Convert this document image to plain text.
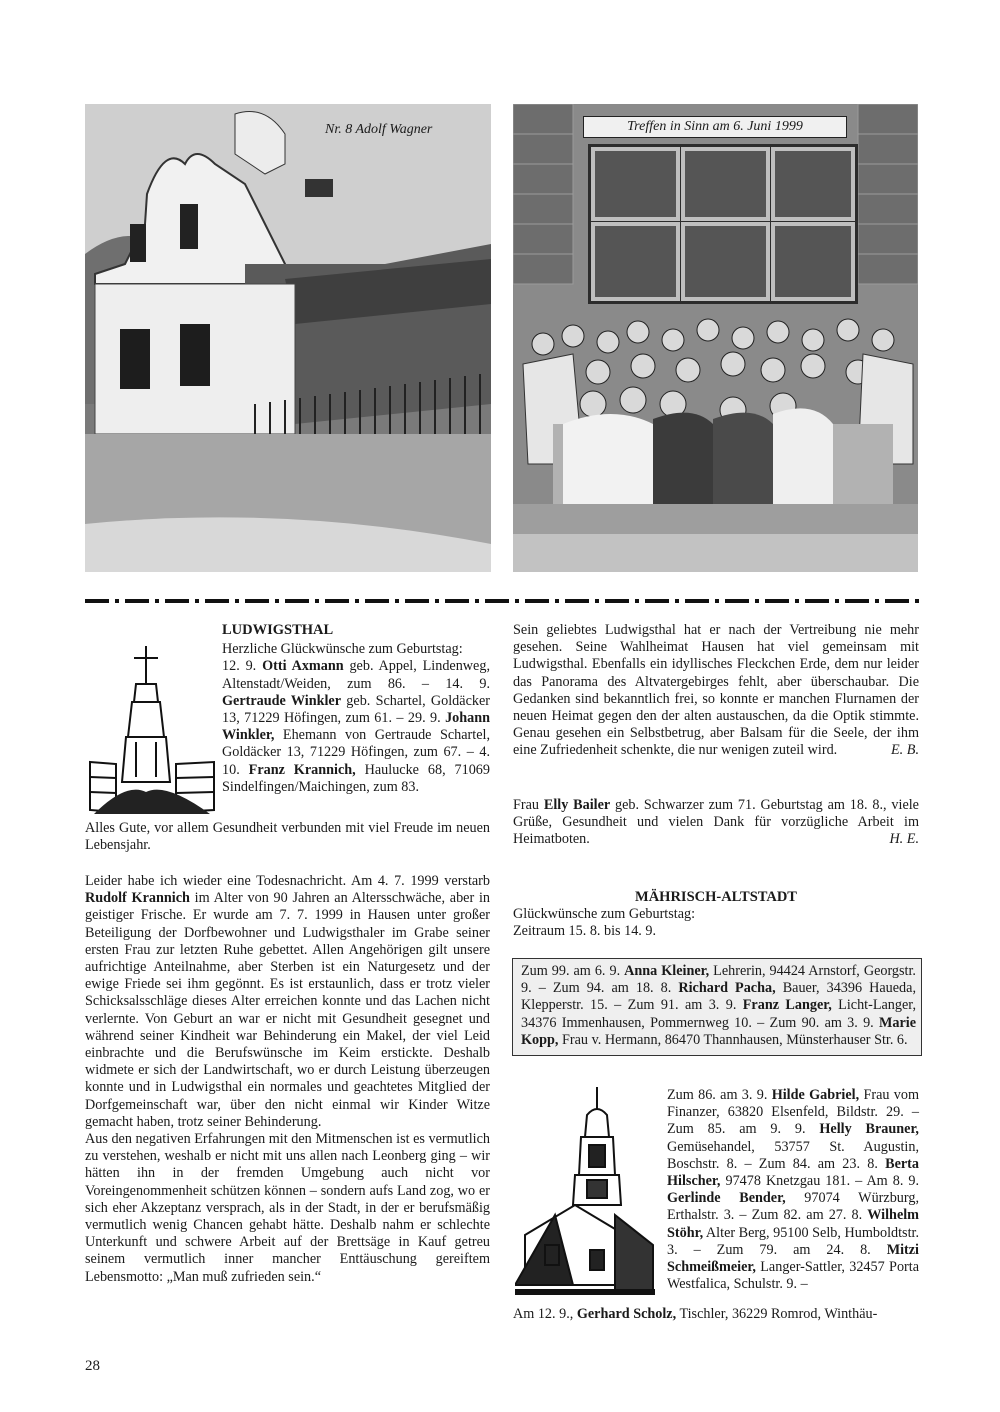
Nr. 8 Adolf Wagner	Treffen in Sinn am 6. Juni 1999

LUDWIGSTHAL

Herzliche Glückwünsche zum Geburtstag:

12. 9. Otti Axmann geb. Appel, Lindenweg, Altenstadt/Weiden, zum 86. – 14. 9. Gertraude Winkler geb. Schartel, Goldäcker 13, 71229 Höfingen, zum 61. – 29. 9. Johann Winkler, Ehemann von Gertraude Schartel, Goldäcker 13, 71229 Höfingen, zum 67. – 4. 10. Franz Krannich, Haulucke 68, 71069 Sindelfingen/Maichingen, zum 83.

Alles Gute, vor allem Gesundheit verbunden mit viel Freude im neuen Lebensjahr.

Leider habe ich wieder eine Todesnachricht. Am 4. 7. 1999 verstarb Rudolf Krannich im Alter von 90 Jahren an Altersschwäche, aber in geistiger Frische. Er wurde am 7. 7. 1999 in Hausen unter großer Beteiligung der Dorfbewohner und Ludwigsthaler im Grabe seiner ersten Frau zur letzten Ruhe gebettet. Allen Angehörigen gilt unsere aufrichtige Anteilnahme, aber Sterben ist ein Naturgesetz und der ewige Friede sei ihm gegönnt. Es ist erstaunlich, dass er trotz vieler Schicksalsschläge dieses Alter erreichen konnte und das Lachen nicht verlernte. Von Geburt an war er nicht mit Gesundheit gesegnet und während seiner Kindheit war Behinderung ein Makel, der viel Leid einbrachte und die Berufswünsche im Keim erstickte. Deshalb widmete er sich der Landwirtschaft, wo er durch Leistung überzeugen konnte und in Ludwigsthal ein normales und geachtetes Mitglied der Dorfgemeinschaft war, über den nicht einmal wir Kinder Witze gemacht haben, trotz seiner Behinderung.

Aus den negativen Erfahrungen mit den Mitmenschen ist es vermutlich zu verstehen, weshalb er nicht mit uns allen nach Leonberg ging – wir hätten ihn in der fremden Umgebung auch nicht vor Voreingenommenheit schützen können – sondern aufs Land zog, wo er sich eher Akzeptanz versprach, als in der Stadt, in der er berufsmäßig vermutlich wenig Chancen gehabt hätte. Deshalb nahm er schlechte Unterkunft und schwere Arbeit auf der Brettsäge in Kauf getreu seinem vermutlich inner mancher Enttäuschung gereiftem Lebensmotto: „Man muß zufrieden sein.“

Sein geliebtes Ludwigsthal hat er nach der Vertreibung nie mehr gesehen. Seine Wahlheimat Hausen hat viel gemeinsam mit Ludwigsthal. Ebenfalls ein idyllisches Fleckchen Erde, dem nur leider das Panorama des Altvatergebirges fehlt, aber überschaubar. Die Gedanken sind bekanntlich frei, so konnte er manchen Flurnamen der neuen Heimat gegen den der alten austauschen, da die Optik stimmte. Genau gesehen ein Selbstbetrug, aber Balsam für die Seele, der ihm eine Zufriedenheit schenkte, die nur wenigen zuteil wird.	E. B.

Frau Elly Bailer geb. Schwarzer zum 71. Geburtstag am 18. 8., viele Grüße, Gesundheit und vielen Dank für vorzügliche Arbeit im Heimatboten.	H. E.

MÄHRISCH-ALTSTADT

Glückwünsche zum Geburtstag:

Zeitraum 15. 8. bis 14. 9.

Zum 99. am 6. 9. Anna Kleiner, Lehrerin, 94424 Arnstorf, Georgstr. 9. – Zum 94. am 18. 8. Richard Pacha, Bauer, 34396 Haueda, Klepperstr. 15. – Zum 91. am 3. 9. Franz Langer, Licht-Langer, 34376 Immenhausen, Pommernweg 10. – Zum 90. am 3. 9. Marie Kopp, Frau v. Hermann, 86470 Thannhausen, Münsterhauser Str. 6.

Zum 86. am 3. 9. Hilde Gabriel, Frau vom Finanzer, 63820 Elsenfeld, Bildstr. 29. – Zum 85. am 9. 9. Helly Brauner, Gemüsehandel, 53757 St. Augustin, Boschstr. 8. – Zum 84. am 23. 8. Berta Hilscher, 97478 Knetzgau 181. – Am 8. 9. Gerlinde Bender, 97074 Würzburg, Erthalstr. 3. – Zum 82. am 27. 8. Wilhelm Stöhr, Alter Berg, 95100 Selb, Humboldtstr. 3. – Zum 79. am 24. 8. Mitzi Schmeißmeier, Langer-Sattler, 32457 Porta Westfalica, Schulstr. 9. –

Am 12. 9., Gerhard Scholz, Tischler, 36229 Romrod, Winthäu-

28
